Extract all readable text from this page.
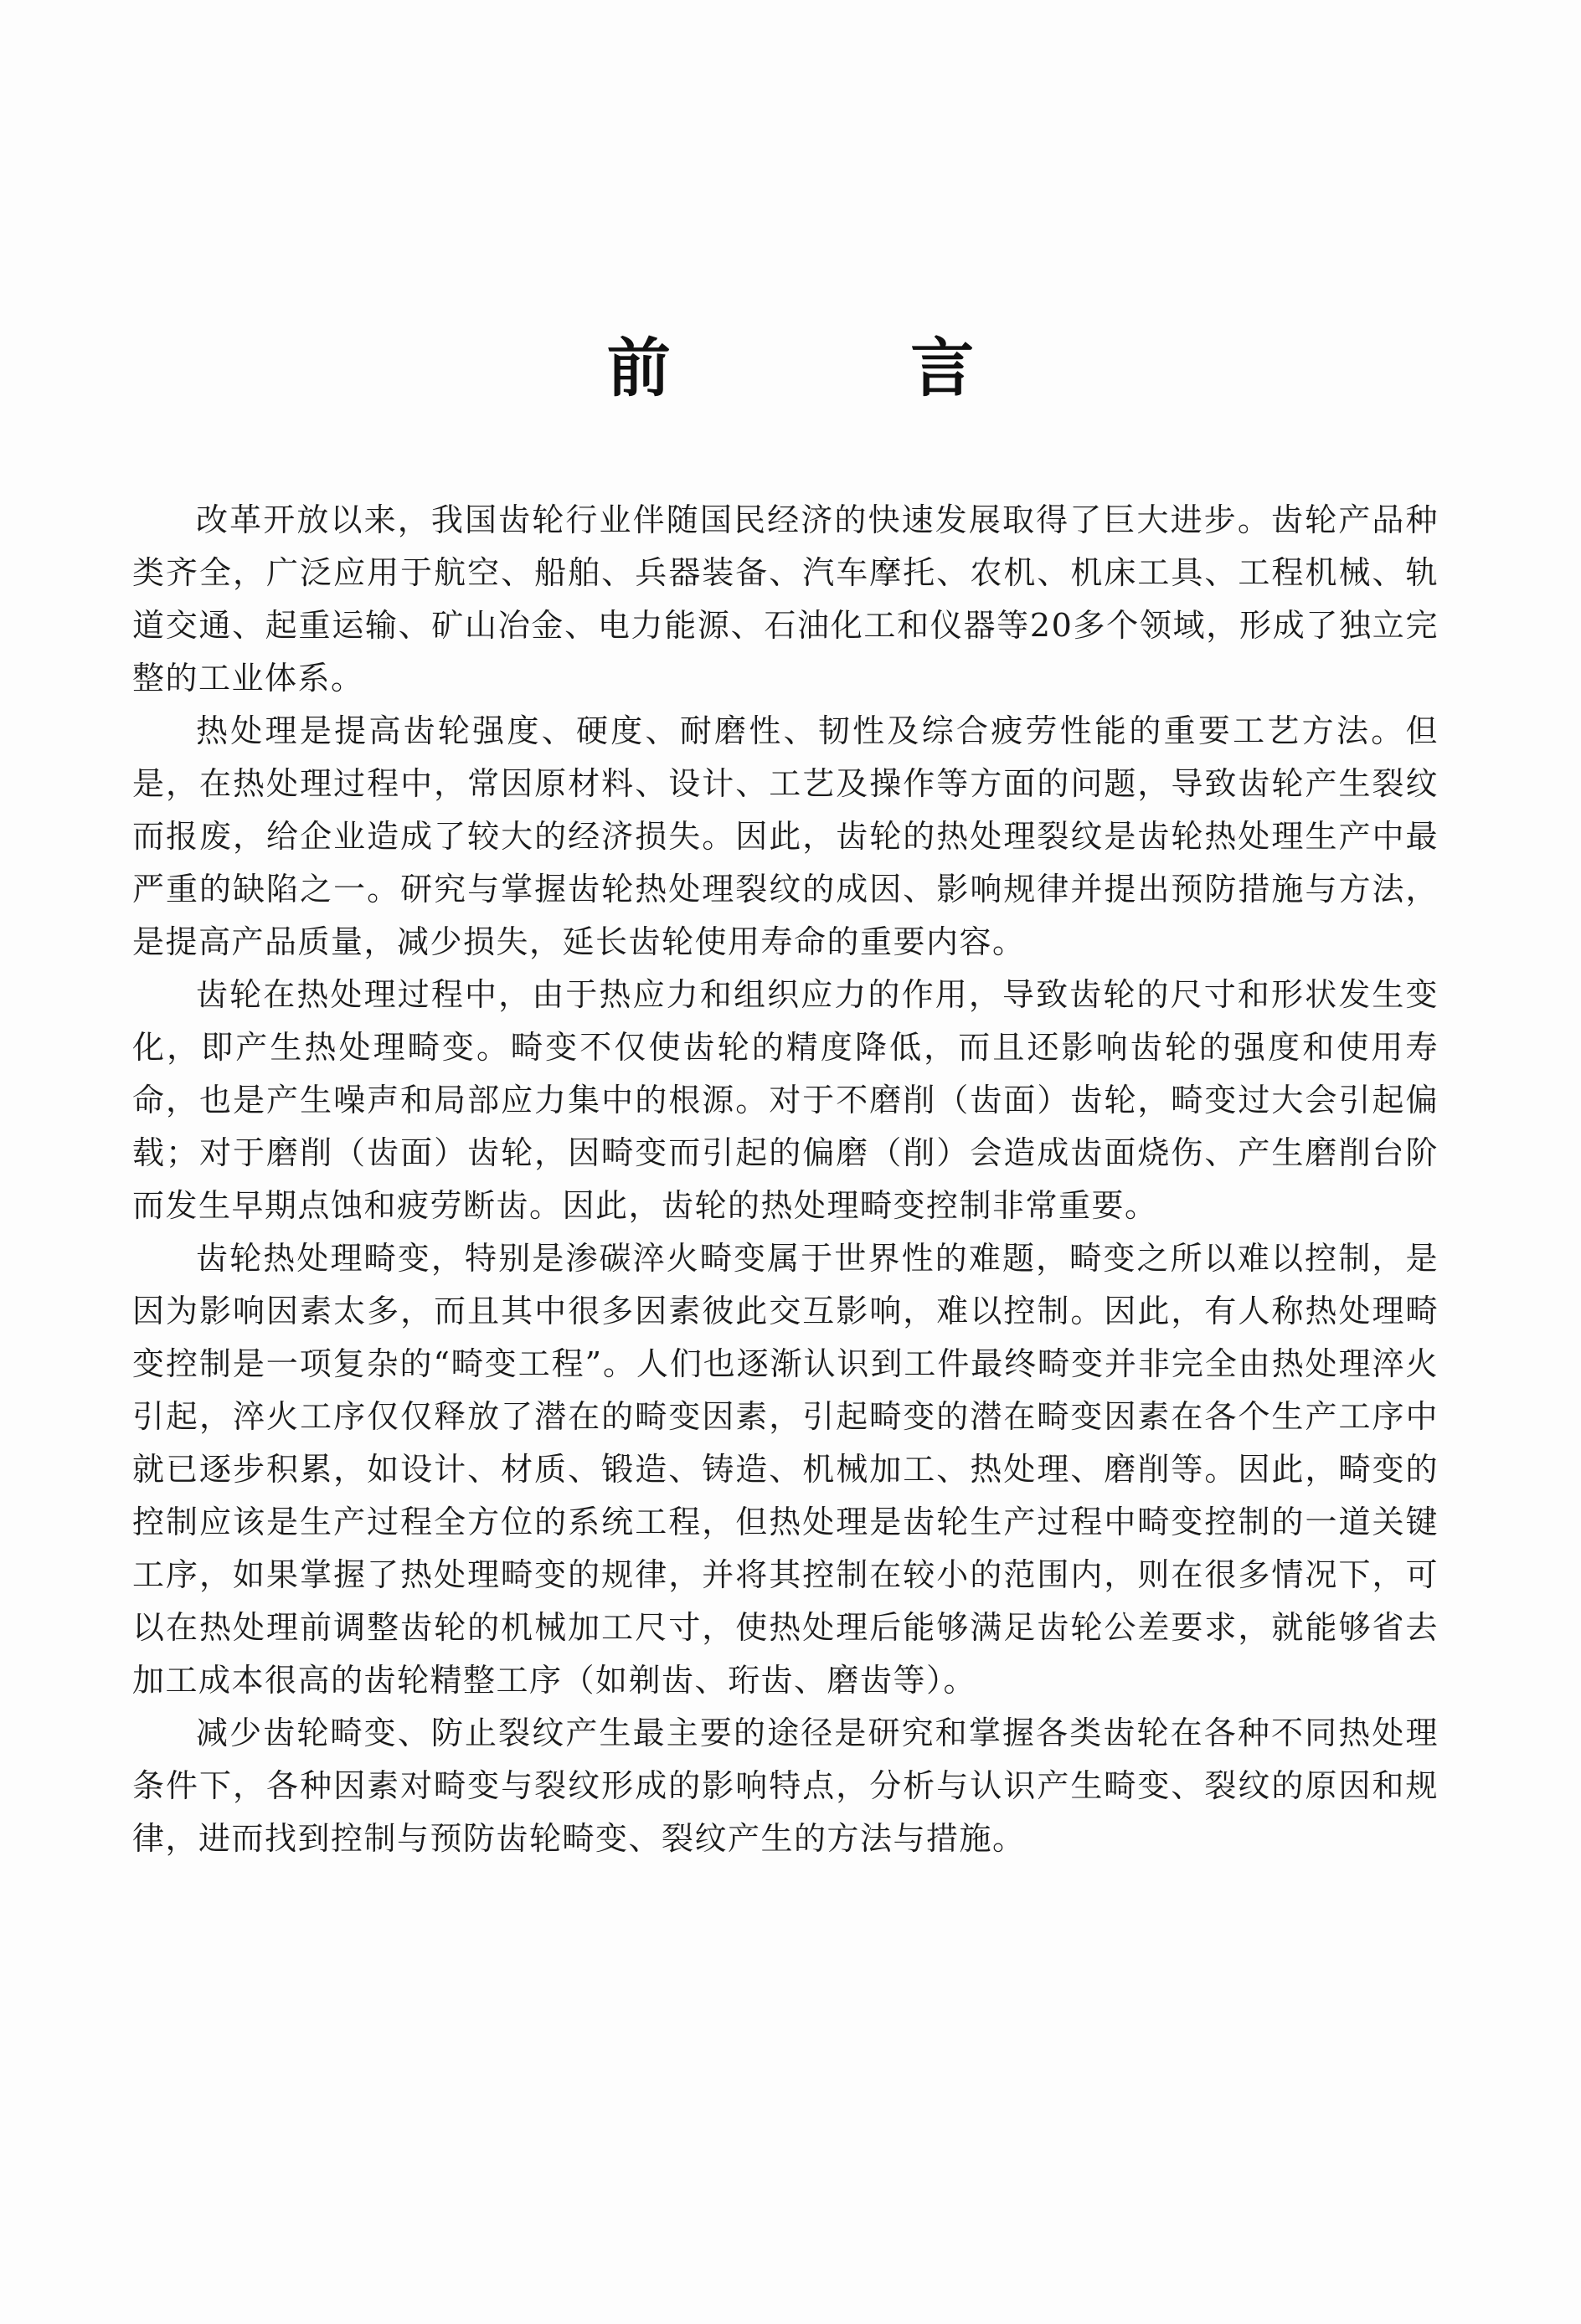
前 言

改革开放以来，我国齿轮行业伴随国民经济的快速发展取得了巨大进步。齿轮产品种类齐全，广泛应用于航空、船舶、兵器装备、汽车摩托、农机、机床工具、工程机械、轨道交通、起重运输、矿山冶金、电力能源、石油化工和仪器等20多个领域，形成了独立完整的工业体系。

热处理是提高齿轮强度、硬度、耐磨性、韧性及综合疲劳性能的重要工艺方法。但是，在热处理过程中，常因原材料、设计、工艺及操作等方面的问题，导致齿轮产生裂纹而报废，给企业造成了较大的经济损失。因此，齿轮的热处理裂纹是齿轮热处理生产中最严重的缺陷之一。研究与掌握齿轮热处理裂纹的成因、影响规律并提出预防措施与方法，是提高产品质量，减少损失，延长齿轮使用寿命的重要内容。

齿轮在热处理过程中，由于热应力和组织应力的作用，导致齿轮的尺寸和形状发生变化，即产生热处理畸变。畸变不仅使齿轮的精度降低，而且还影响齿轮的强度和使用寿命，也是产生噪声和局部应力集中的根源。对于不磨削（齿面）齿轮，畸变过大会引起偏载；对于磨削（齿面）齿轮，因畸变而引起的偏磨（削）会造成齿面烧伤、产生磨削台阶而发生早期点蚀和疲劳断齿。因此，齿轮的热处理畸变控制非常重要。

齿轮热处理畸变，特别是渗碳淬火畸变属于世界性的难题，畸变之所以难以控制，是因为影响因素太多，而且其中很多因素彼此交互影响，难以控制。因此，有人称热处理畸变控制是一项复杂的“畸变工程”。人们也逐渐认识到工件最终畸变并非完全由热处理淬火引起，淬火工序仅仅释放了潜在的畸变因素，引起畸变的潜在畸变因素在各个生产工序中就已逐步积累，如设计、材质、锻造、铸造、机械加工、热处理、磨削等。因此，畸变的控制应该是生产过程全方位的系统工程，但热处理是齿轮生产过程中畸变控制的一道关键工序，如果掌握了热处理畸变的规律，并将其控制在较小的范围内，则在很多情况下，可以在热处理前调整齿轮的机械加工尺寸，使热处理后能够满足齿轮公差要求，就能够省去加工成本很高的齿轮精整工序（如剃齿、珩齿、磨齿等）。

减少齿轮畸变、防止裂纹产生最主要的途径是研究和掌握各类齿轮在各种不同热处理条件下，各种因素对畸变与裂纹形成的影响特点，分析与认识产生畸变、裂纹的原因和规律，进而找到控制与预防齿轮畸变、裂纹产生的方法与措施。
